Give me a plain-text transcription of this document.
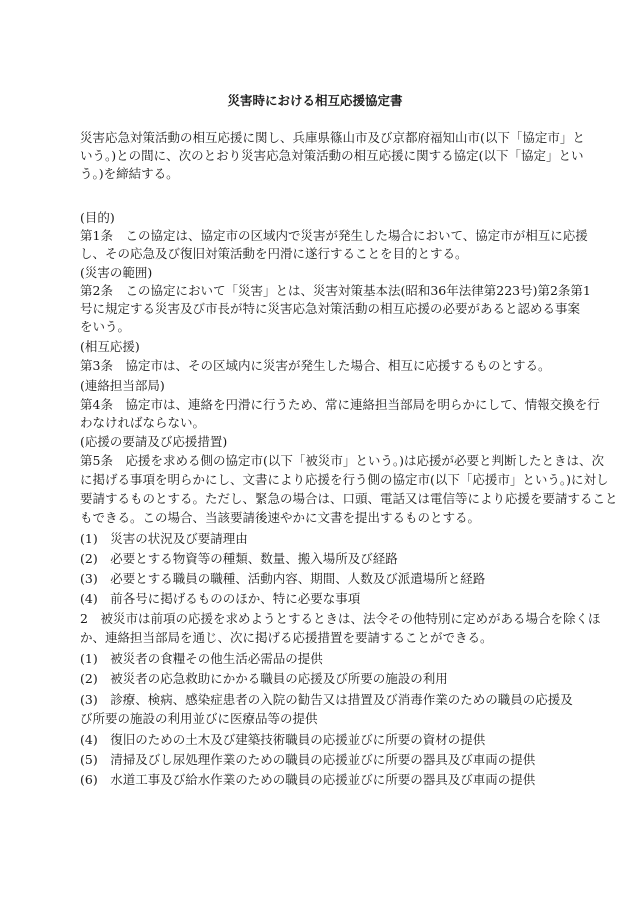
災害時における相互応援協定書
災害応急対策活動の相互応援に関し、兵庫県篠山市及び京都府福知山市(以下「協定市」と
いう。)との間に、次のとおり災害応急対策活動の相互応援に関する協定(以下「協定」とい
う。)を締結する。
(目的)
第1条　この協定は、協定市の区域内で災害が発生した場合において、協定市が相互に応援
し、その応急及び復旧対策活動を円滑に遂行することを目的とする。
(災害の範囲)
第2条　この協定において「災害」とは、災害対策基本法(昭和36年法律第223号)第2条第1
号に規定する災害及び市長が特に災害応急対策活動の相互応援の必要があると認める事案
をいう。
(相互応援)
第3条　協定市は、その区域内に災害が発生した場合、相互に応援するものとする。
(連絡担当部局)
第4条　協定市は、連絡を円滑に行うため、常に連絡担当部局を明らかにして、情報交換を行
わなければならない。
(応援の要請及び応援措置)
第5条　応援を求める側の協定市(以下「被災市」という。)は応援が必要と判断したときは、次
に掲げる事項を明らかにし、文書により応援を行う側の協定市(以下「応援市」という。)に対し
要請するものとする。ただし、緊急の場合は、口頭、電話又は電信等により応援を要請すること
もできる。この場合、当該要請後速やかに文書を提出するものとする。
(1)　災害の状況及び要請理由
(2)　必要とする物資等の種類、数量、搬入場所及び経路
(3)　必要とする職員の職種、活動内容、期間、人数及び派遣場所と経路
(4)　前各号に掲げるもののほか、特に必要な事項
2　被災市は前項の応援を求めようとするときは、法令その他特別に定めがある場合を除くほ
か、連絡担当部局を通じ、次に掲げる応援措置を要請することができる。
(1)　被災者の食糧その他生活必需品の提供
(2)　被災者の応急救助にかかる職員の応援及び所要の施設の利用
(3)　診療、検病、感染症患者の入院の勧告又は措置及び消毒作業のための職員の応援及
び所要の施設の利用並びに医療品等の提供
(4)　復旧のための土木及び建築技術職員の応援並びに所要の資材の提供
(5)　清掃及びし尿処理作業のための職員の応援並びに所要の器具及び車両の提供
(6)　水道工事及び給水作業のための職員の応援並びに所要の器具及び車両の提供
